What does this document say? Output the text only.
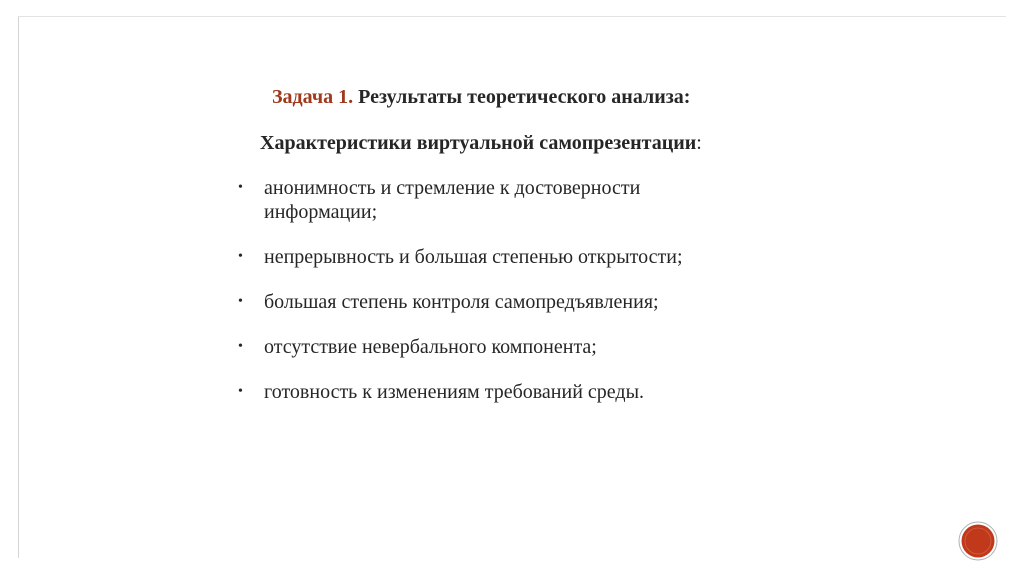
Задача 1. Результаты теоретического анализа:
Характеристики виртуальной самопрезентации:
• анонимность и стремление к достоверности информации;
• непрерывность и большая степенью открытости;
• большая степень контроля самопредъявления;
• отсутствие невербального компонента;
• готовность к изменениям требований среды.
